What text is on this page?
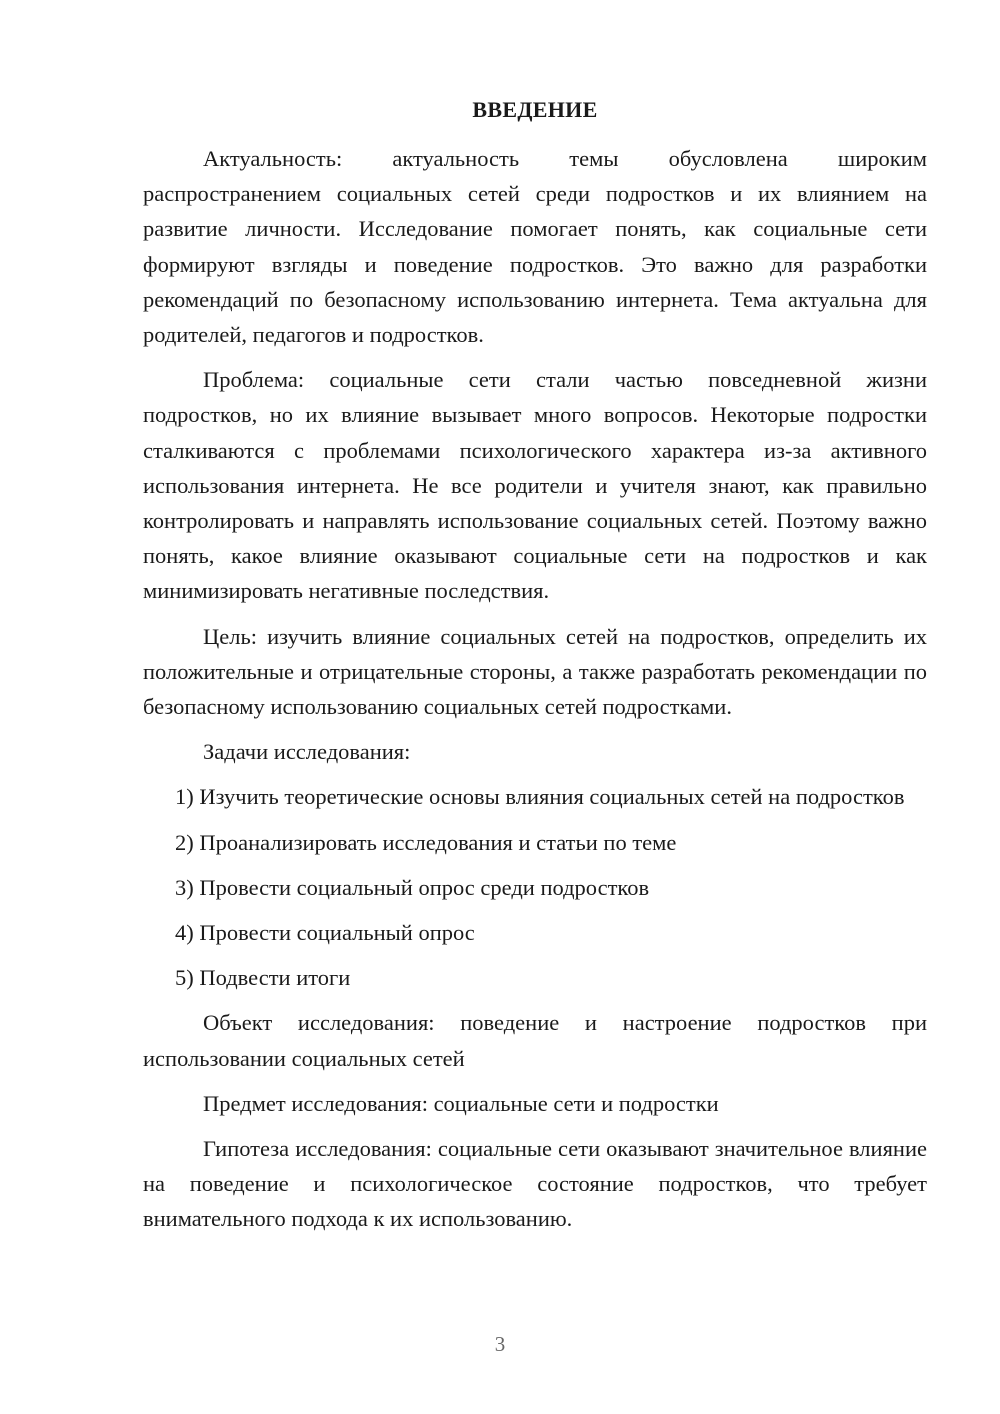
ВВЕДЕНИЕ

Актуальность: актуальность темы обусловлена широким распространением социальных сетей среди подростков и их влиянием на развитие личности. Исследование помогает понять, как социальные сети формируют взгляды и поведение подростков. Это важно для разработки рекомендаций по безопасному использованию интернета. Тема актуальна для родителей, педагогов и подростков.

Проблема: социальные сети стали частью повседневной жизни подростков, но их влияние вызывает много вопросов. Некоторые подростки сталкиваются с проблемами психологического характера из-за активного использования интернета. Не все родители и учителя знают, как правильно контролировать и направлять использование социальных сетей. Поэтому важно понять, какое влияние оказывают социальные сети на подростков и как минимизировать негативные последствия.

Цель: изучить влияние социальных сетей на подростков, определить их положительные и отрицательные стороны, а также разработать рекомендации по безопасному использованию социальных сетей подростками.

Задачи исследования:

1) Изучить теоретические основы влияния социальных сетей на подростков

2) Проанализировать исследования и статьи по теме

3) Провести социальный опрос среди подростков

4) Провести социальный опрос

5) Подвести итоги

Объект исследования: поведение и настроение подростков при использовании социальных сетей

Предмет исследования: социальные сети и подростки

Гипотеза исследования: социальные сети оказывают значительное влияние на поведение и психологическое состояние подростков, что требует внимательного подхода к их использованию.

3
